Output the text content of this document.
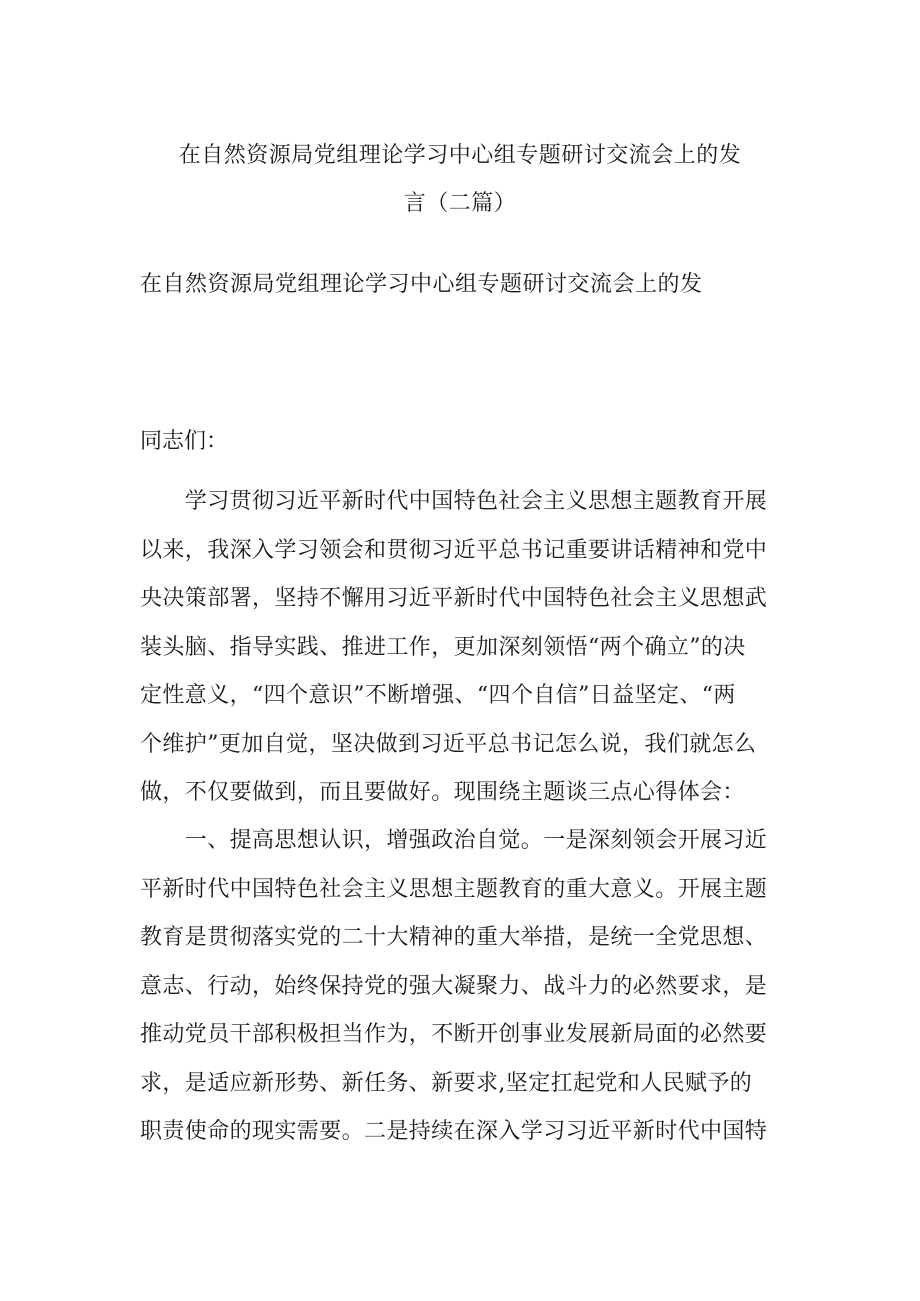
在自然资源局党组理论学习中心组专题研讨交流会上的发
言（二篇）
在自然资源局党组理论学习中心组专题研讨交流会上的发
同志们：
　　学习贯彻习近平新时代中国特色社会主义思想主题教育开展
以来，我深入学习领会和贯彻习近平总书记重要讲话精神和党中
央决策部署，坚持不懈用习近平新时代中国特色社会主义思想武
装头脑、指导实践、推进工作，更加深刻领悟“两个确立”的决
定性意义，“四个意识”不断增强、“四个自信”日益坚定、“两
个维护”更加自觉，坚决做到习近平总书记怎么说，我们就怎么
做，不仅要做到，而且要做好。现围绕主题谈三点心得体会：
　　一、提高思想认识，增强政治自觉。一是深刻领会开展习近
平新时代中国特色社会主义思想主题教育的重大意义。开展主题
教育是贯彻落实党的二十大精神的重大举措，是统一全党思想、
意志、行动，始终保持党的强大凝聚力、战斗力的必然要求，是
推动党员干部积极担当作为，不断开创事业发展新局面的必然要
求，是适应新形势、新任务、新要求,坚定扛起党和人民赋予的
职责使命的现实需要。二是持续在深入学习习近平新时代中国特
